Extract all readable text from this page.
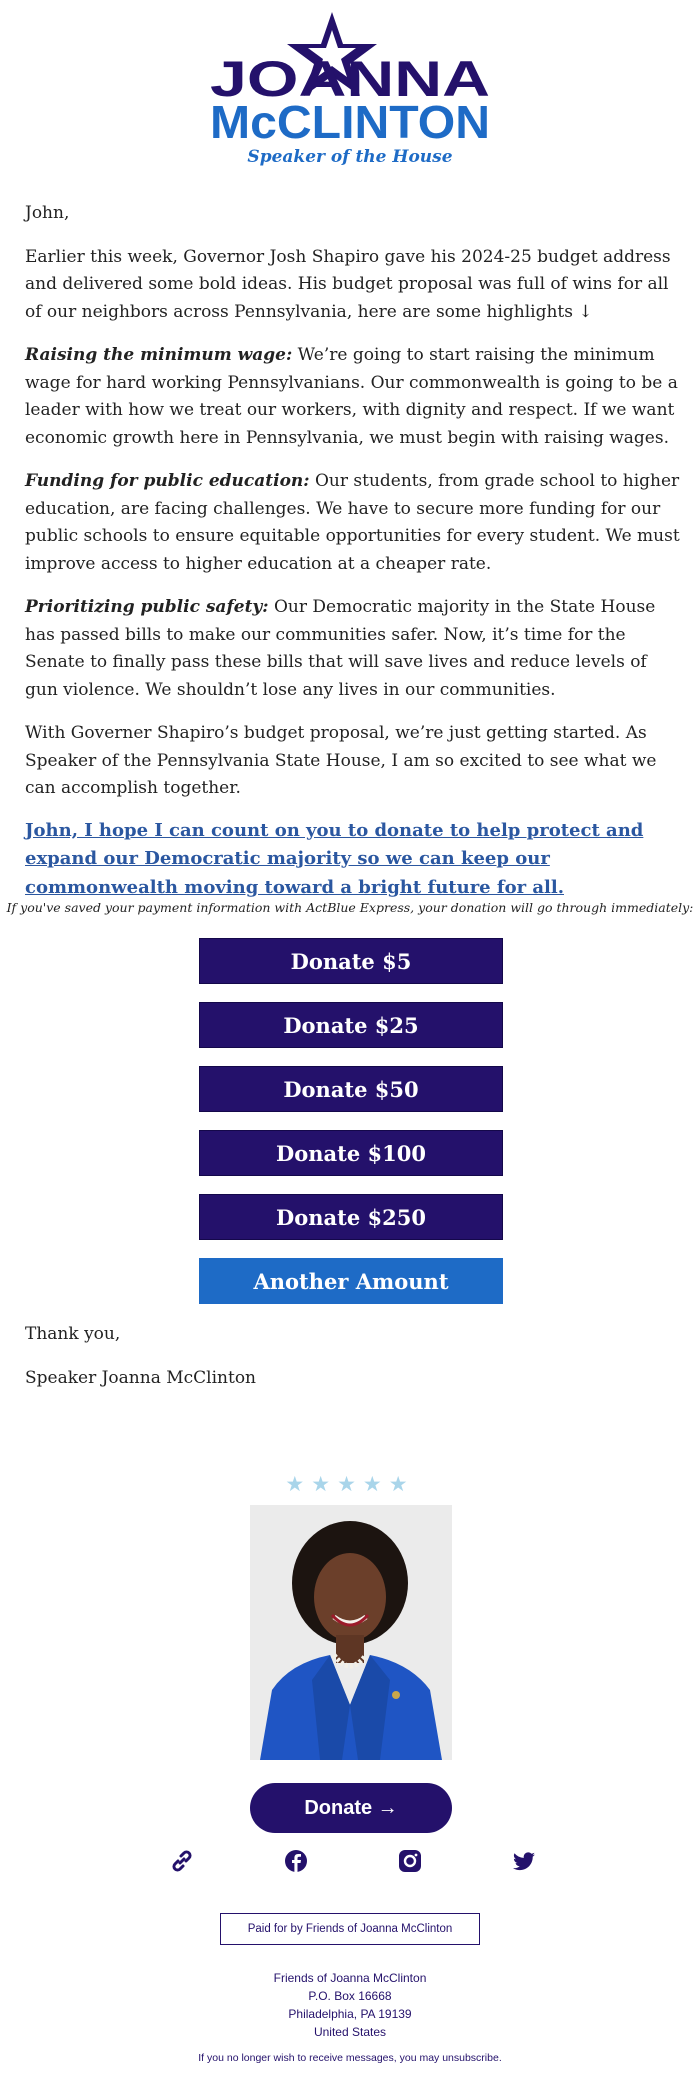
JOANNA
McCLINTON
Speaker of the House

John,

Earlier this week, Governor Josh Shapiro gave his 2024-25 budget address and delivered some bold ideas. His budget proposal was full of wins for all of our neighbors across Pennsylvania, here are some highlights ↓

Raising the minimum wage: We’re going to start raising the minimum wage for hard working Pennsylvanians. Our commonwealth is going to be a leader with how we treat our workers, with dignity and respect. If we want economic growth here in Pennsylvania, we must begin with raising wages.

Funding for public education: Our students, from grade school to higher education, are facing challenges. We have to secure more funding for our public schools to ensure equitable opportunities for every student. We must improve access to higher education at a cheaper rate.

Prioritizing public safety: Our Democratic majority in the State House has passed bills to make our communities safer. Now, it’s time for the Senate to finally pass these bills that will save lives and reduce levels of gun violence. We shouldn’t lose any lives in our communities.

With Governer Shapiro’s budget proposal, we’re just getting started. As Speaker of the Pennsylvania State House, I am so excited to see what we can accomplish together.

John, I hope I can count on you to donate to help protect and expand our Democratic majority so we can keep our commonwealth moving toward a bright future for all.

If you've saved your payment information with ActBlue Express, your donation will go through immediately:
Donate $5
Donate $25
Donate $50
Donate $100
Donate $250
Another Amount
Thank you,
Speaker Joanna McClinton
★★★★★
Donate →
Paid for by Friends of Joanna McClinton
Friends of Joanna McClinton
P.O. Box 16668
Philadelphia, PA 19139
United States
If you no longer wish to receive messages, you may unsubscribe.
